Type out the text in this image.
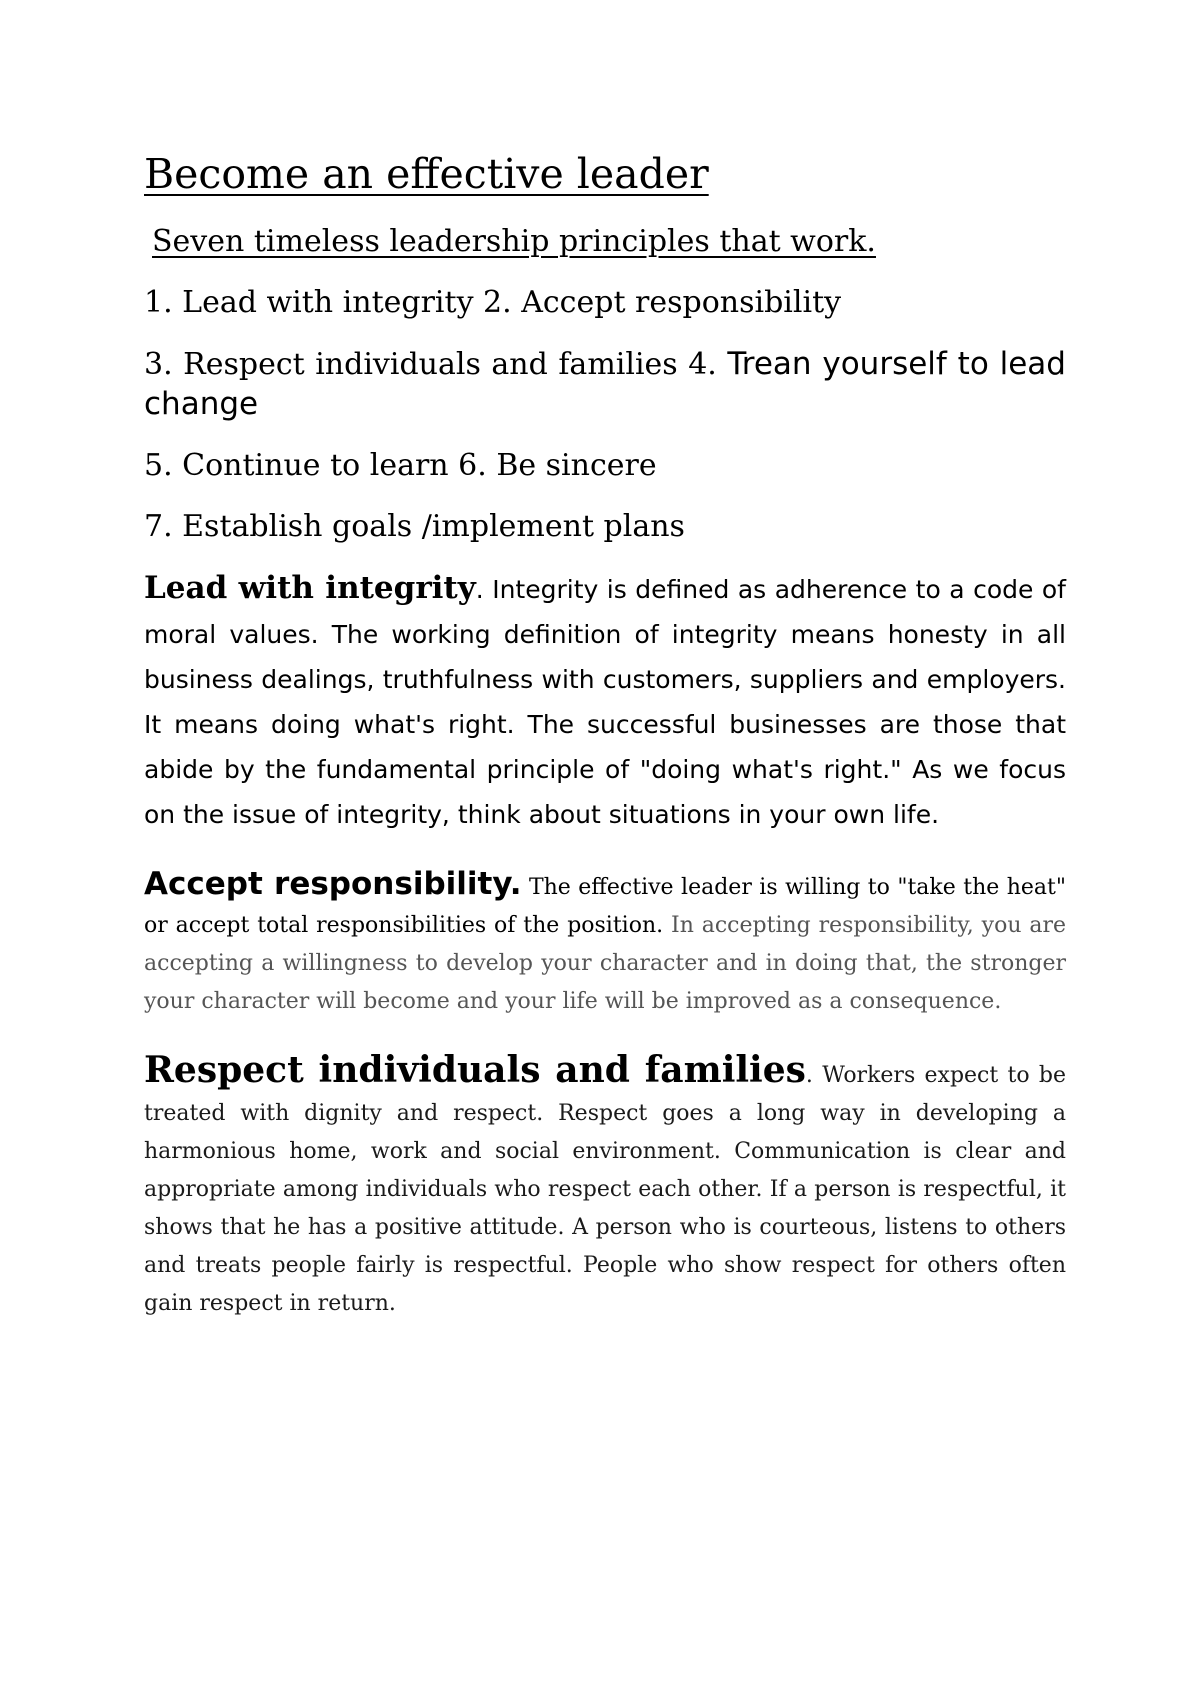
Become an effective leader
Seven timeless leadership principles that work.
1. Lead with integrity 2. Accept responsibility
3. Respect individuals and families 4. Trean yourself to lead change
5. Continue to learn 6. Be sincere
7. Establish goals /implement plans

Lead with integrity. Integrity is defined as adherence to a code of moral values. The working definition of integrity means honesty in all business dealings, truthfulness with customers, suppliers and employers. It means doing what's right. The successful businesses are those that abide by the fundamental principle of "doing what's right." As we focus on the issue of integrity, think about situations in your own life.

Accept responsibility. The effective leader is willing to "take the heat" or accept total responsibilities of the position. In accepting responsibility, you are accepting a willingness to develop your character and in doing that, the stronger your character will become and your life will be improved as a consequence.

Respect individuals and families. Workers expect to be treated with dignity and respect. Respect goes a long way in developing a harmonious home, work and social environment. Communication is clear and appropriate among individuals who respect each other. If a person is respectful, it shows that he has a positive attitude. A person who is courteous, listens to others and treats people fairly is respectful. People who show respect for others often gain respect in return.
